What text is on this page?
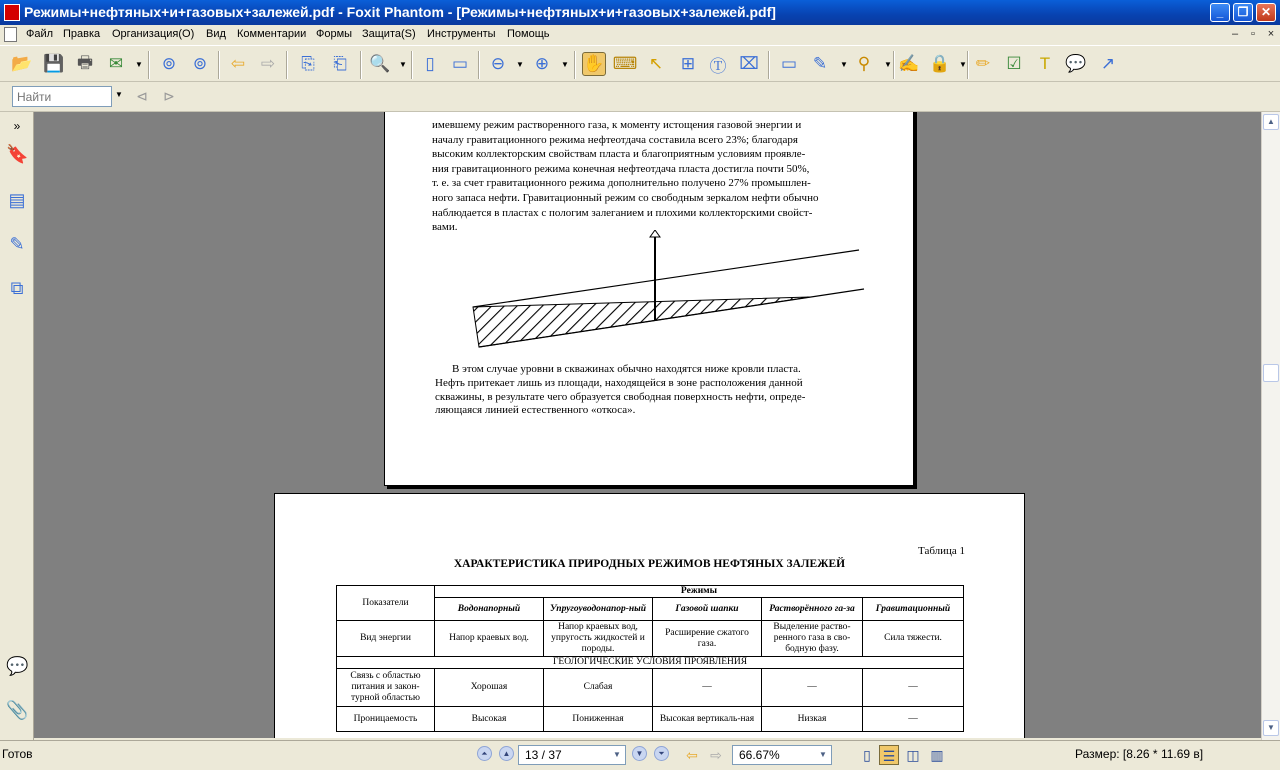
Режимы+нефтяных+и+газовых+залежей.pdf - Foxit Phantom - [Режимы+нефтяных+и+газовых+залежей.pdf]	_	❐	✕
Файл Правка Организация(O) Вид Комментарии Формы Защита(S) Инструменты Помощь	–	▫	×
📂 💾 🖶 ✉	▼ ⊚ ⊚ ⇦ ⇨	⎘	⎗	🔍 ▼	▯	▭ ⊖	▼ ⊕	▼ ✋ ⌨ ↖ ⊞ Ⓣ ⌧ ▭ ✎	▼ ⚲	▼ ✍ 🔒 ▼ ✏ ☑	T 💬 ↗
Найти
▼ ⊲	⊳
»
🔖
▤
✎
⧉
💬
📎
имевшему режим растворенного газа, к моменту истощения газовой энергии и
началу гравитационного режима нефтеотдача составила всего 23%; благодаря
высоким коллекторским свойствам пласта и благоприятным условиям проявле-
ния гравитационного режима конечная нефтеотдача пласта достигла почти 50%,
т. е. за счет гравитационного режима дополнительно получено 27% промышлен-
ного запаса нефти. Гравитационный режим со свободным зеркалом нефти обычно
наблюдается в пластах с пологим залеганием и плохими коллекторскими свойст-
вами.
В этом случае уровни в скважинах обычно находятся ниже кровли пласта.
Нефть притекает лишь из площади, находящейся в зоне расположения данной
скважины, в результате чего образуется свободная поверхность нефти, опреде-
ляющаяся линией естественного «откоса».
Таблица 1
ХАРАКТЕРИСТИКА ПРИРОДНЫХ РЕЖИМОВ НЕФТЯНЫХ ЗАЛЕЖЕЙ
Показатели	Режимы				
	Водонапорный	Упругоуводонапор-ный	Газовой шапки	Растворённого га-за	Гравитационный
Вид энергии	Напор краевых вод.	Напор краевых вод, упругость жидкостей и породы.	Расширение сжатого газа.	Выделение раство-ренного газа в сво-бодную фазу.	Сила тяжести.
ГЕОЛОГИЧЕСКИЕ УСЛОВИЯ ПРОЯВЛЕНИЯ					
Связь с областью питания и закон-турной областью	Хорошая	Слабая	—	—	—
Проницаемость	Высокая	Пониженная	Высокая вертикаль-ная	Низкая	—
▲
▼
Готов	⏶	▲	13 / 37	▼	▼	⏷	⇦ ⇨	66.67%	▼	▯ ☰ ◫ ▥	Размер: [8.26 * 11.69 в]
